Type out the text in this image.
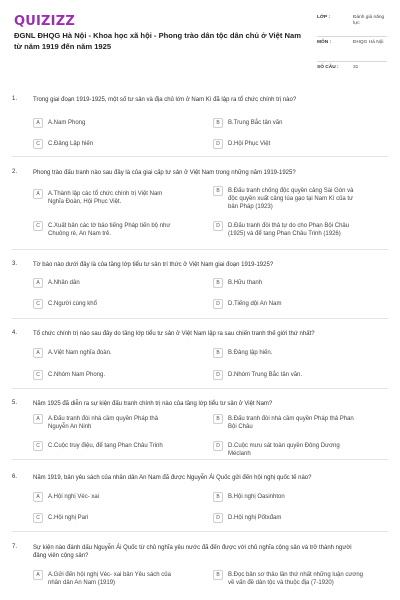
QUIZIZZ
ĐGNL ĐHQG Hà Nội - Khoa học xã hội - Phong trào dân tộc dân chủ ở Việt Nam từ năm 1919 đến năm 1925
LỚP :	Đánh giá năng lực
MÔN :	ĐHQG Hà Nội
SỐ CÂU :	31
1.	Trong giai đoạn 1919-1925, một số tư sản và địa chủ lớn ở Nam Kì đã lập ra tổ chức chính trị nào?
A	A.Nam Phong	B	B.Trung Bắc tân văn
C	C.Đảng Lập hiến	D	D.Hội Phục Việt
2.	Phong trào đấu tranh nào sau đây là của giai cấp tư sản ở Việt Nam trong những năm 1919-1925?
A	A.Thành lập các tổ chức chính trị Việt Nam Nghĩa Đoàn, Hội Phục Việt.
B	B.Đấu tranh chống độc quyền cảng Sài Gòn và độc quyền xuất cảng lúa gạo tại Nam Kì của tư bản Pháp (1923)
C	C.Xuất bản các tờ báo tiếng Pháp tiến bộ như Chuông rè, An Nam trẻ.
D	D.Đấu tranh đòi thả tự do cho Phan Bội Châu (1925) và để tang Phan Châu Trinh (1926)
3.	Tờ báo nào dưới đây là của tầng lớp tiểu tư sản trí thức ở Việt Nam giai đoạn 1919-1925?
A	A.Nhân dân	B	B.Hữu thanh
C	C.Người cùng khổ	D	D.Tiếng dội An Nam
4.	Tổ chức chính trị nào sau đây do tầng lớp tiểu tư sản ở Việt Nam lập ra sau chiến tranh thế giới thứ nhất?
A	A.Việt Nam nghĩa đoàn.	B	B.Đảng lập hiến.
C	C.Nhóm Nam Phong.	D	D.Nhóm Trung Bắc tân văn.
5.	Năm 1925 đã diễn ra sự kiện đấu tranh chính trị nào của tầng lớp tiểu tư sản ở Việt Nam?
A	A.Đấu tranh đòi nhà cầm quyền Pháp thả Nguyễn An Ninh
B	B.Đấu tranh đòi nhà cầm quyền Pháp thả Phan Bội Châu
C	C.Cuộc truy điệu, để tang Phan Châu Trinh	D	D.Cuộc mưu sát toàn quyền Đông Dương Méclanh
6.	Năm 1919, bản yêu sách của nhân dân An Nam đã được Nguyễn Ái Quốc gửi đến hội nghị quốc tế nào?
A	A.Hội nghị Véc- xai	B	B.Hội nghị Oasinhton
C	C.Hội nghị Pari	D	D.Hội nghị Pốtxđam
7.	Sự kiện nào đánh dấu Nguyễn Ái Quốc từ chủ nghĩa yêu nước đã đến được với chủ nghĩa cộng sản và trở thành người đảng viên cộng sản?
A	A.Gửi đến hội nghị Véc- xai bản Yêu sách của nhân dân An Nam (1919)
B	B.Đọc bản sơ thảo lần thứ nhất những luận cương về vấn đề dân tộc và thuộc địa (7-1920)
